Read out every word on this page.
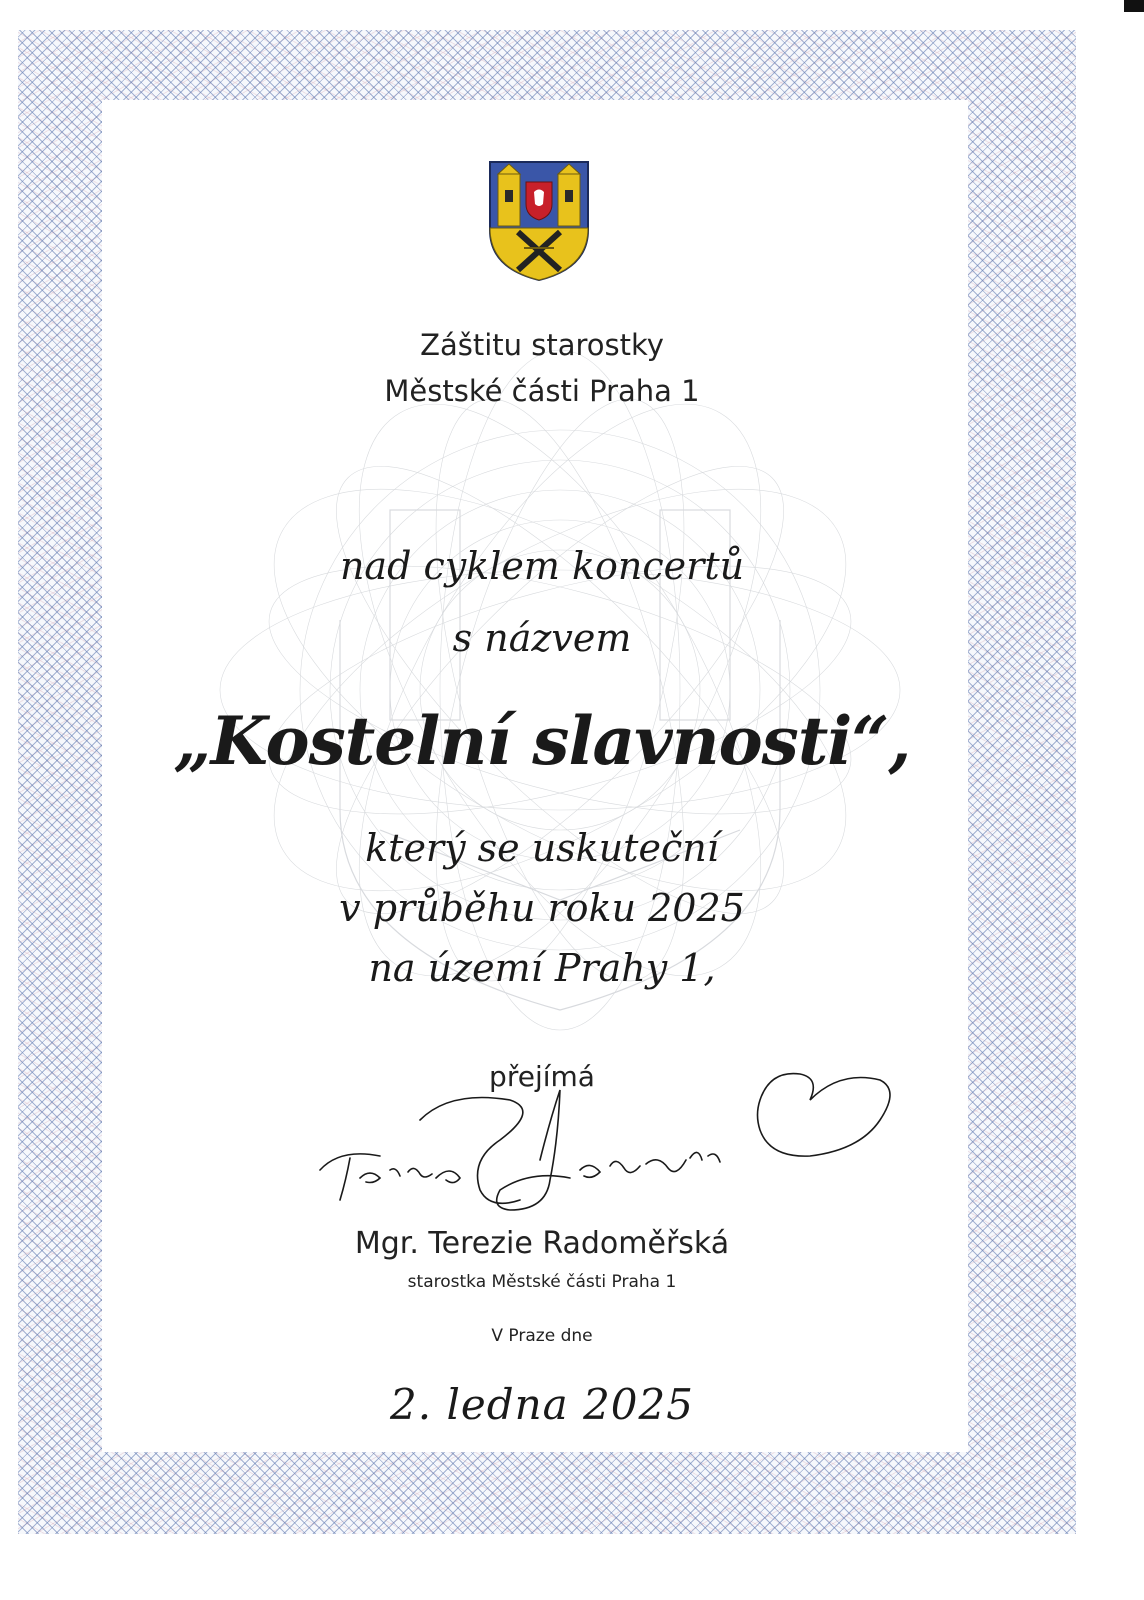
Záštitu starostky
Městské části Praha 1
nad cyklem koncertů
s názvem
„Kostelní slavnosti“,
který se uskuteční
v průběhu roku 2025
na území Prahy 1,
přejímá
Mgr. Terezie Radoměřská
starostka Městské části Praha 1
V Praze dne
2. ledna 2025
